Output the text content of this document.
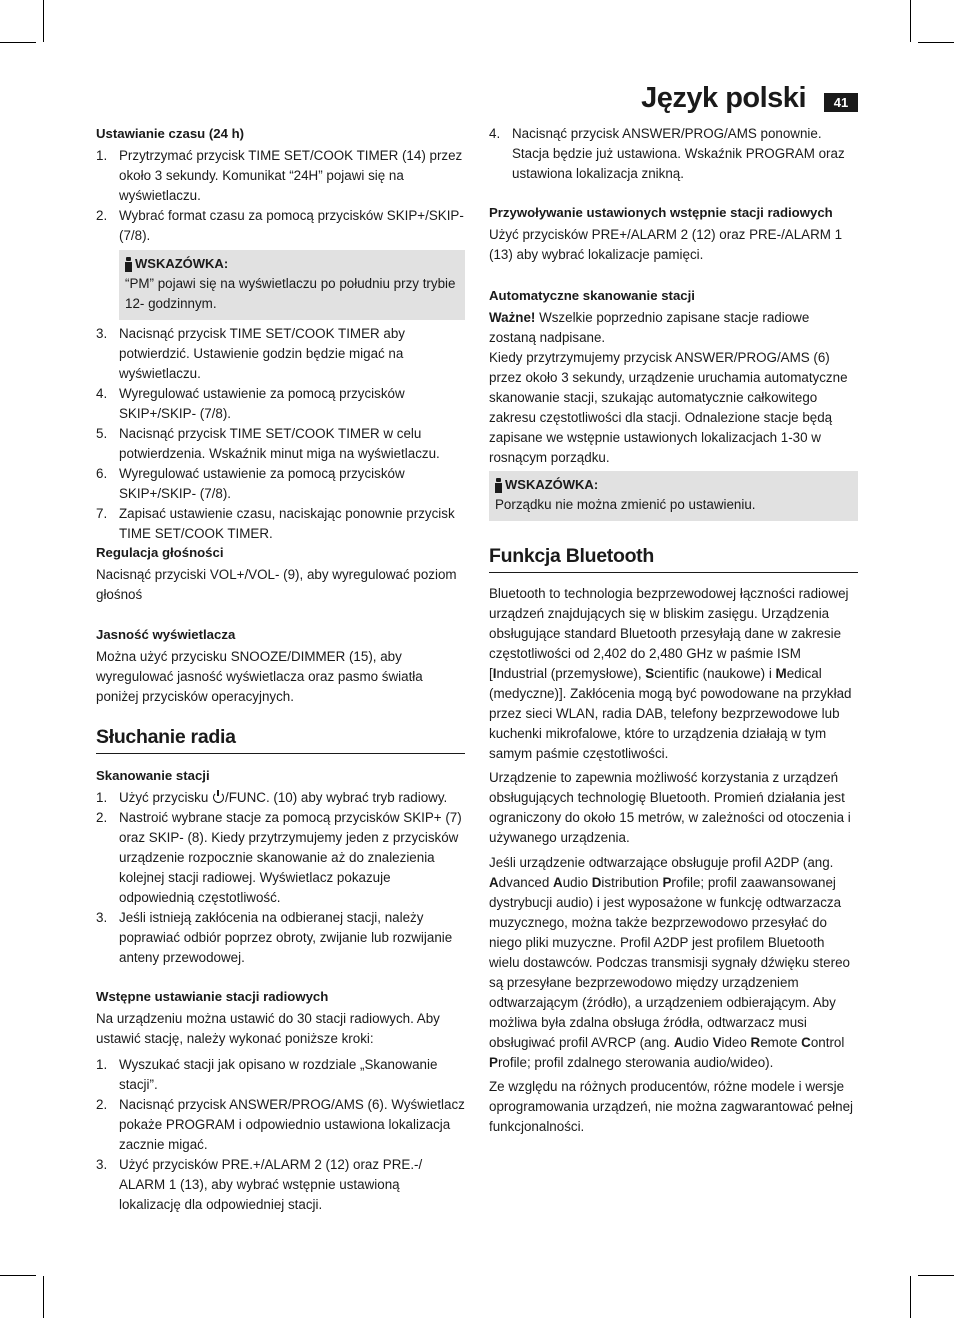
Język polski	41

Ustawianie czasu (24 h)

1. Przytrzymać przycisk TIME SET/COOK TIMER (14) przez około 3 sekundy. Komunikat “24H” pojawi się na wyświetlaczu.
2. Wybrać format czasu za pomocą przycisków SKIP+/SKIP- (7/8).
WSKAZÓWKA:
“PM” pojawi się na wyświetlaczu po południu przy trybie 12- godzinnym.
3. Nacisnąć przycisk TIME SET/COOK TIMER aby potwierdzić. Ustawienie godzin będzie migać na wyświetlaczu.
4. Wyregulować ustawienie za pomocą przycisków SKIP+/SKIP- (7/8).
5. Nacisnąć przycisk TIME SET/COOK TIMER w celu potwierdzenia. Wskaźnik minut miga na wyświetlaczu.
6. Wyregulować ustawienie za pomocą przycisków SKIP+/SKIP- (7/8).
7. Zapisać ustawienie czasu, naciskając ponownie przycisk TIME SET/COOK TIMER.

Regulacja głośności

Nacisnąć przyciski VOL+/VOL- (9), aby wyregulować poziom głośnoś

Jasność wyświetlacza

Można użyć przycisku SNOOZE/DIMMER (15), aby wyregulować jasność wyświetlacza oraz pasmo światła poniżej przycisków operacyjnych.

Słuchanie radia

Skanowanie stacji

1. Użyć przycisku /FUNC. (10) aby wybrać tryb radiowy.
2. Nastroić wybrane stacje za pomocą przycisków SKIP+ (7) oraz SKIP- (8). Kiedy przytrzymujemy jeden z przycisków urządzenie rozpocznie skanowanie aż do znalezienia kolejnej stacji radiowej. Wyświetlacz pokazuje odpowiednią częstotliwość.
3. Jeśli istnieją zakłócenia na odbieranej stacji, należy poprawiać odbiór poprzez obroty, zwijanie lub rozwijanie anteny przewodowej.

Wstępne ustawianie stacji radiowych

Na urządzeniu można ustawić do 30 stacji radiowych. Aby ustawić stację, należy wykonać poniższe kroki:

1. Wyszukać stacji jak opisano w rozdziale „Skanowanie stacji”.
2. Nacisnąć przycisk ANSWER/PROG/AMS (6). Wyświetlacz pokaże PROGRAM i odpowiednio ustawiona lokalizacja zacznie migać.
3. Użyć przycisków PRE.+/ALARM 2 (12) oraz PRE.-/ ALARM 1 (13), aby wybrać wstępnie ustawioną lokalizację dla odpowiedniej stacji.
4. Nacisnąć przycisk ANSWER/PROG/AMS ponownie. Stacja będzie już ustawiona. Wskaźnik PROGRAM oraz ustawiona lokalizacja znikną.

Przywoływanie ustawionych wstępnie stacji radiowych

Użyć przycisków PRE+/ALARM 2 (12) oraz PRE-/ALARM 1 (13) aby wybrać lokalizacje pamięci.

Automatyczne skanowanie stacji

Ważne! Wszelkie poprzednio zapisane stacje radiowe zostaną nadpisane.

Kiedy przytrzymujemy przycisk ANSWER/PROG/AMS (6) przez około 3 sekundy, urządzenie uruchamia automatyczne skanowanie stacji, szukając automatycznie całkowitego zakresu częstotliwości dla stacji. Odnalezione stacje będą zapisane we wstępnie ustawionych lokalizacjach 1-30 w rosnącym porządku.

WSKAZÓWKA:
Porządku nie można zmienić po ustawieniu.
Funkcja Bluetooth

Bluetooth to technologia bezprzewodowej łączności radiowej urządzeń znajdujących się w bliskim zasięgu. Urządzenia obsługujące standard Bluetooth przesyłają dane w zakresie częstotliwości od 2,402 do 2,480 GHz w paśmie ISM [Industrial (przemysłowe), Scientific (naukowe) i Medical (medyczne)]. Zakłócenia mogą być powodowane na przykład przez sieci WLAN, radia DAB, telefony bezprzewodowe lub kuchenki mikrofalowe, które to urządzenia działają w tym samym paśmie częstotliwości.

Urządzenie to zapewnia możliwość korzystania z urządzeń obsługujących technologię Bluetooth. Promień działania jest ograniczony do około 15 metrów, w zależności od otoczenia i używanego urządzenia.

Jeśli urządzenie odtwarzające obsługuje profil A2DP (ang. Advanced Audio Distribution Profile; profil zaawansowanej dystrybucji audio) i jest wyposażone w funkcję odtwarzacza muzycznego, można także bezprzewodowo przesyłać do niego pliki muzyczne. Profil A2DP jest profilem Bluetooth wielu dostawców. Podczas transmisji sygnały dźwięku stereo są przesyłane bezprzewodowo między urządzeniem odtwarzającym (źródło), a urządzeniem odbierającym. Aby możliwa była zdalna obsługa źródła, odtwarzacz musi obsługiwać profil AVRCP (ang. Audio Video Remote Control Profile; profil zdalnego sterowania audio/wideo).

Ze względu na różnych producentów, różne modele i wersje oprogramowania urządzeń, nie można zagwarantować pełnej funkcjonalności.
